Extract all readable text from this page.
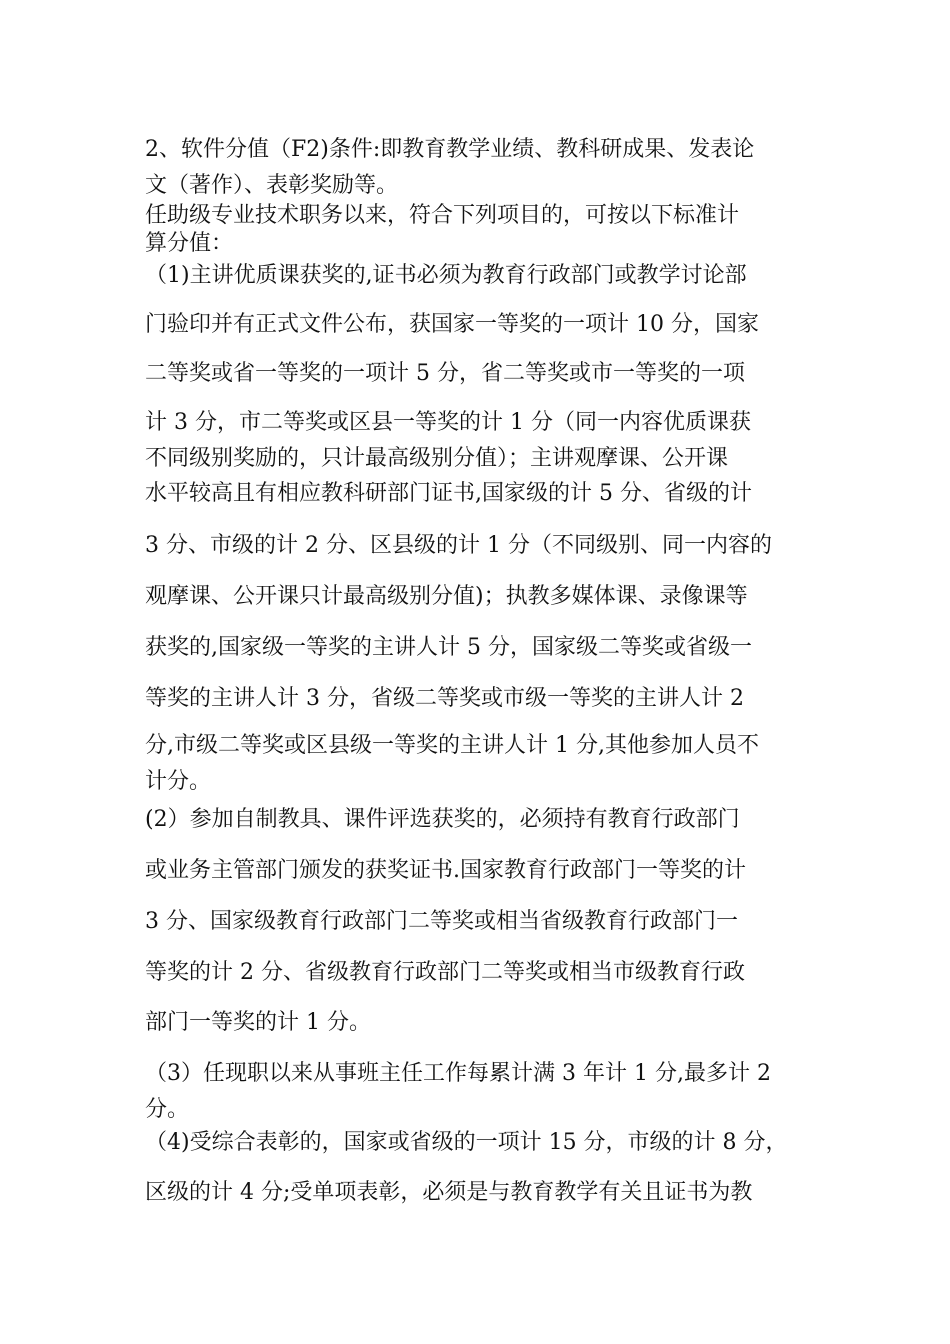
2、软件分值（F2)条件:即教育教学业绩、教科研成果、发表论
文（著作）、表彰奖励等。
任助级专业技术职务以来，符合下列项目的，可按以下标准计
算分值：
（1)主讲优质课获奖的,证书必须为教育行政部门或教学讨论部
门验印并有正式文件公布，获国家一等奖的一项计 10 分，国家
二等奖或省一等奖的一项计 5 分，省二等奖或市一等奖的一项
计 3 分，市二等奖或区县一等奖的计 1 分（同一内容优质课获
不同级别奖励的，只计最高级别分值）；主讲观摩课、公开课
水平较高且有相应教科研部门证书,国家级的计 5 分、省级的计
3 分、市级的计 2 分、区县级的计 1 分（不同级别、同一内容的
观摩课、公开课只计最高级别分值)；执教多媒体课、录像课等
获奖的,国家级一等奖的主讲人计 5 分，国家级二等奖或省级一
等奖的主讲人计 3 分，省级二等奖或市级一等奖的主讲人计 2
分,市级二等奖或区县级一等奖的主讲人计 1 分,其他参加人员不
计分。
(2）参加自制教具、课件评选获奖的，必须持有教育行政部门
或业务主管部门颁发的获奖证书.国家教育行政部门一等奖的计
3 分、国家级教育行政部门二等奖或相当省级教育行政部门一
等奖的计 2 分、省级教育行政部门二等奖或相当市级教育行政
部门一等奖的计 1 分。
（3）任现职以来从事班主任工作每累计满 3 年计 1 分,最多计 2
分。
（4)受综合表彰的，国家或省级的一项计 15 分，市级的计 8 分，
区级的计 4 分;受单项表彰，必须是与教育教学有关且证书为教
